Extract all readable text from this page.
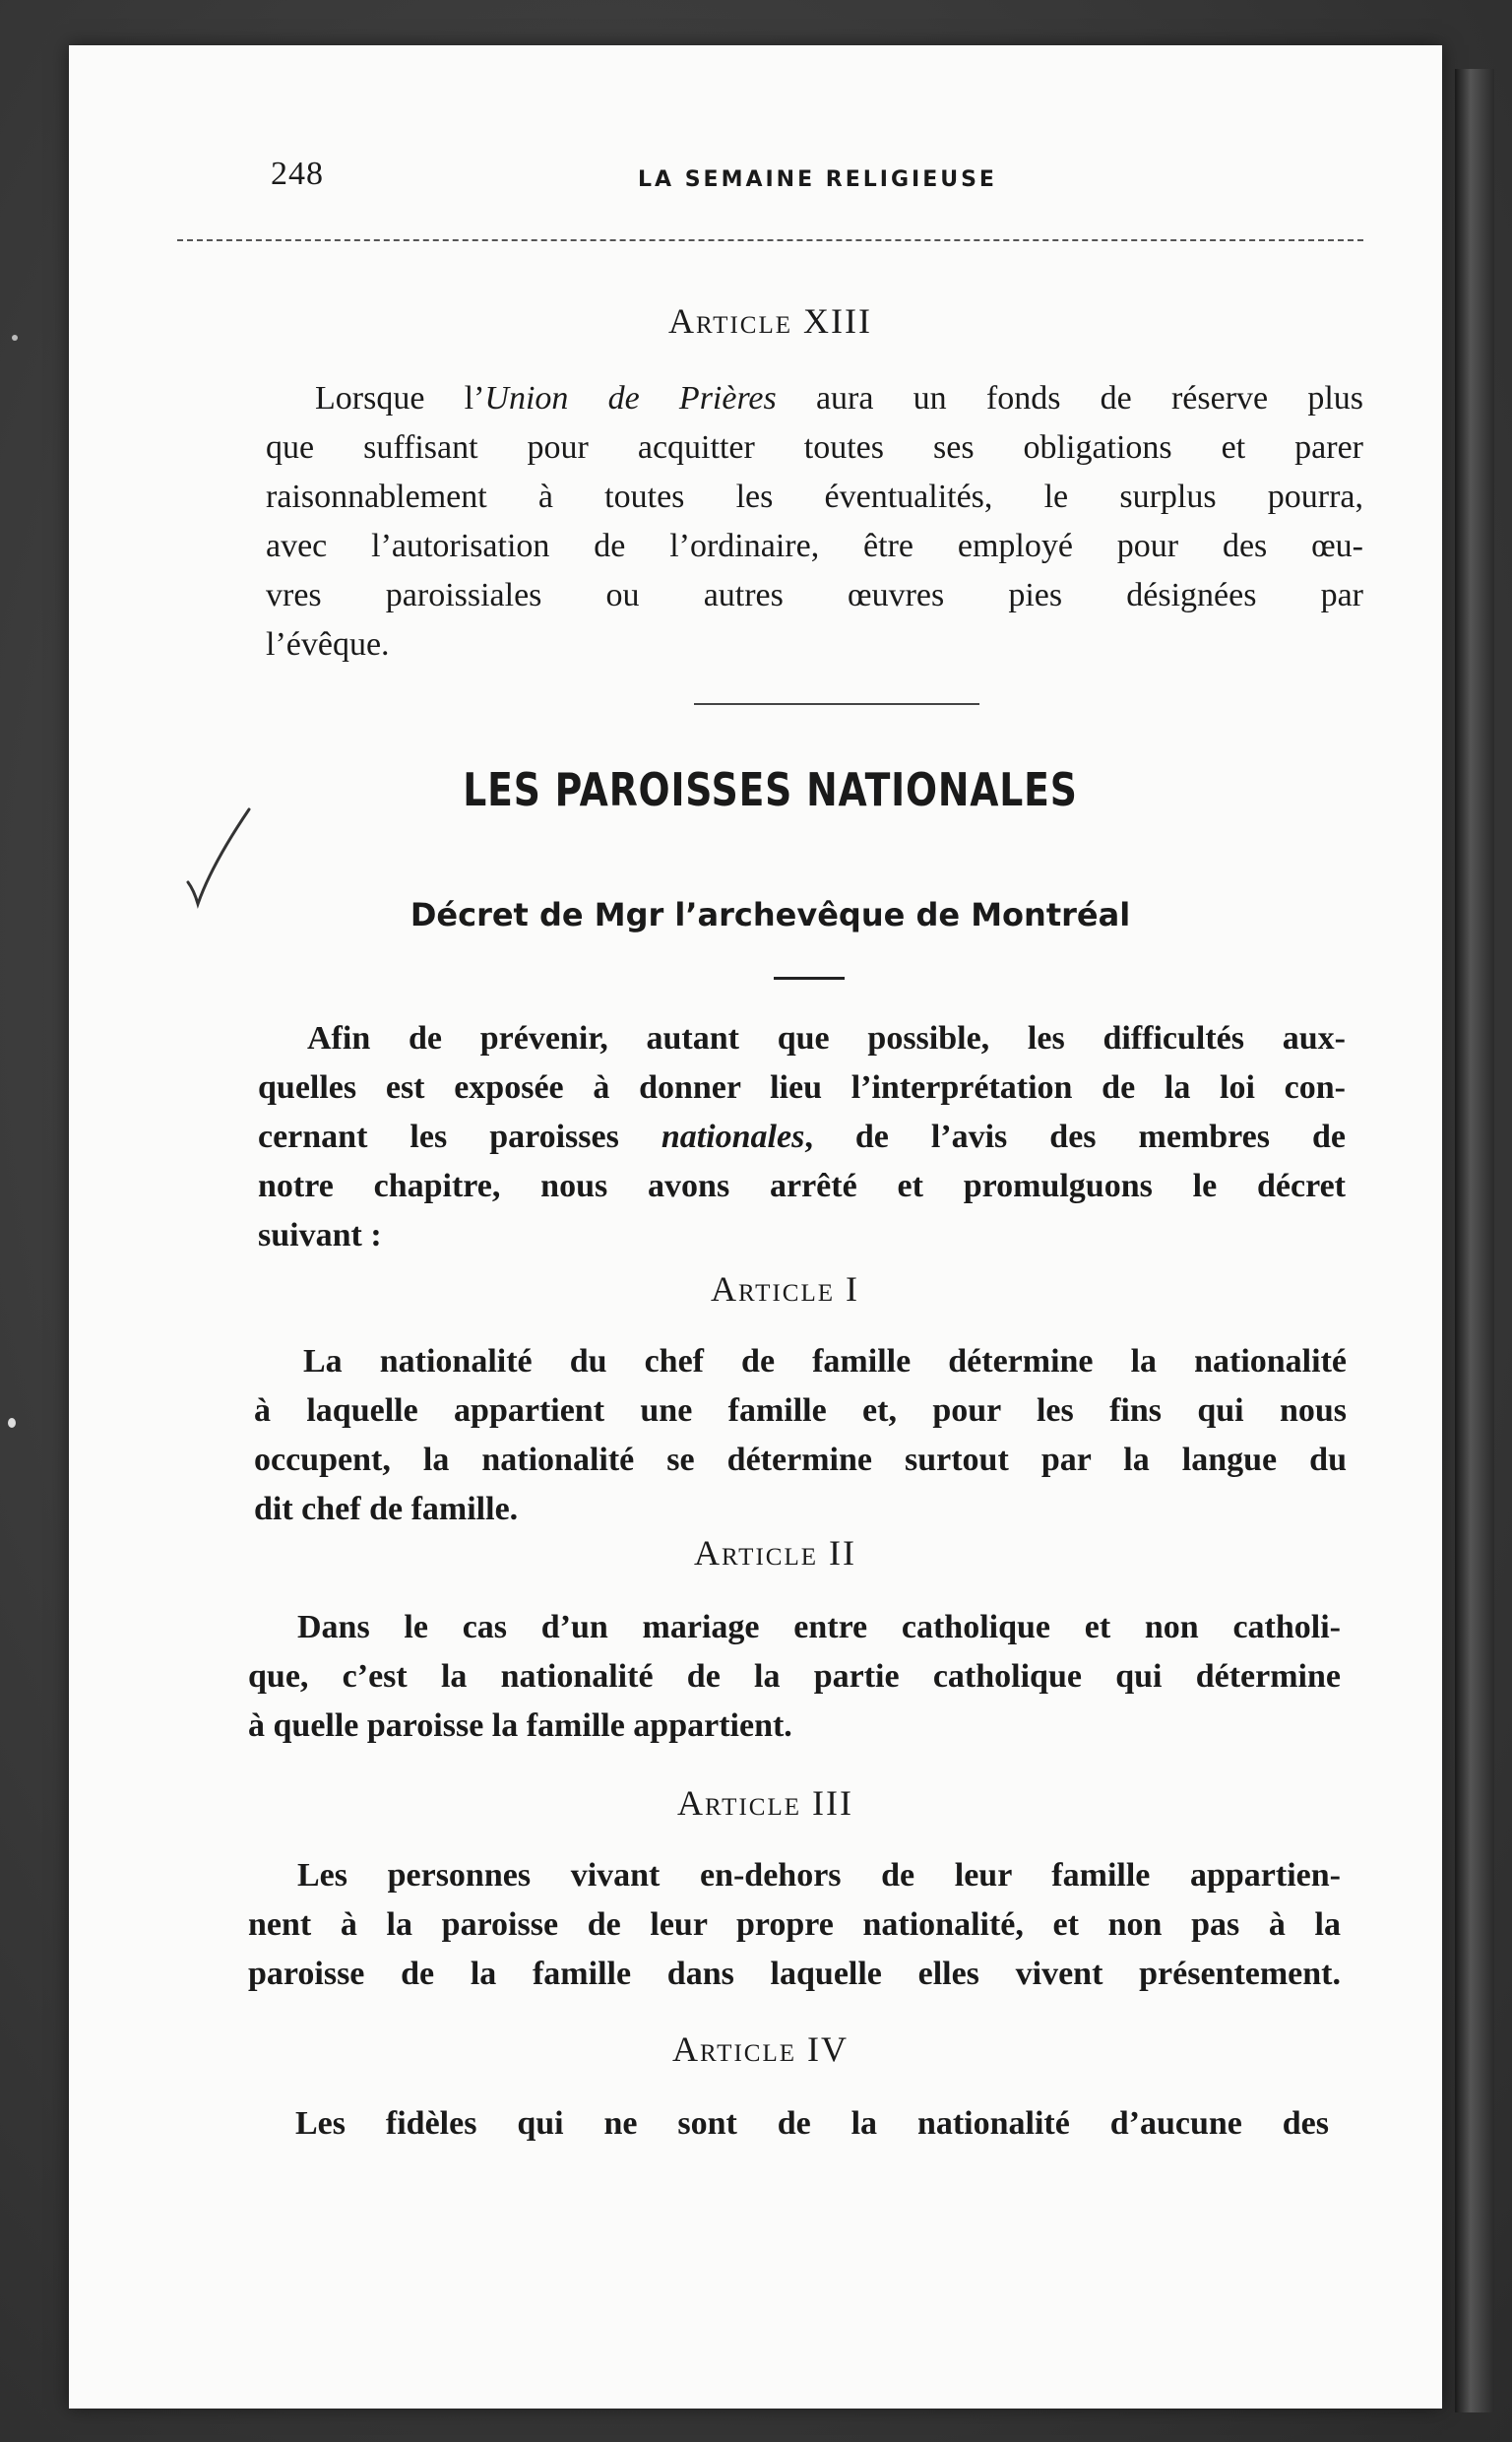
248	LA SEMAINE RELIGIEUSE
Article XIII
Lorsque l’Union de Prières aura un fonds de réserve plus
que suffisant pour acquitter toutes ses obligations et parer
raisonnablement à toutes les éventualités, le surplus pourra,
avec l’autorisation de l’ordinaire, être employé pour des œu-
vres paroissiales ou autres œuvres pies désignées par
l’évêque.
LES PAROISSES NATIONALES
Décret de Mgr l’archevêque de Montréal
Afin de prévenir, autant que possible, les difficultés aux-
quelles est exposée à donner lieu l’interprétation de la loi con-
cernant les paroisses nationales, de l’avis des membres de
notre chapitre, nous avons arrêté et promulguons le décret
suivant :
Article I
La nationalité du chef de famille détermine la nationalité
à laquelle appartient une famille et, pour les fins qui nous
occupent, la nationalité se détermine surtout par la langue du
dit chef de famille.
Article II
Dans le cas d’un mariage entre catholique et non catholi-
que, c’est la nationalité de la partie catholique qui détermine
à quelle paroisse la famille appartient.
Article III
Les personnes vivant en-dehors de leur famille appartien-
nent à la paroisse de leur propre nationalité, et non pas à la
paroisse de la famille dans laquelle elles vivent présentement.
Article IV
Les fidèles qui ne sont de la nationalité d’aucune des
